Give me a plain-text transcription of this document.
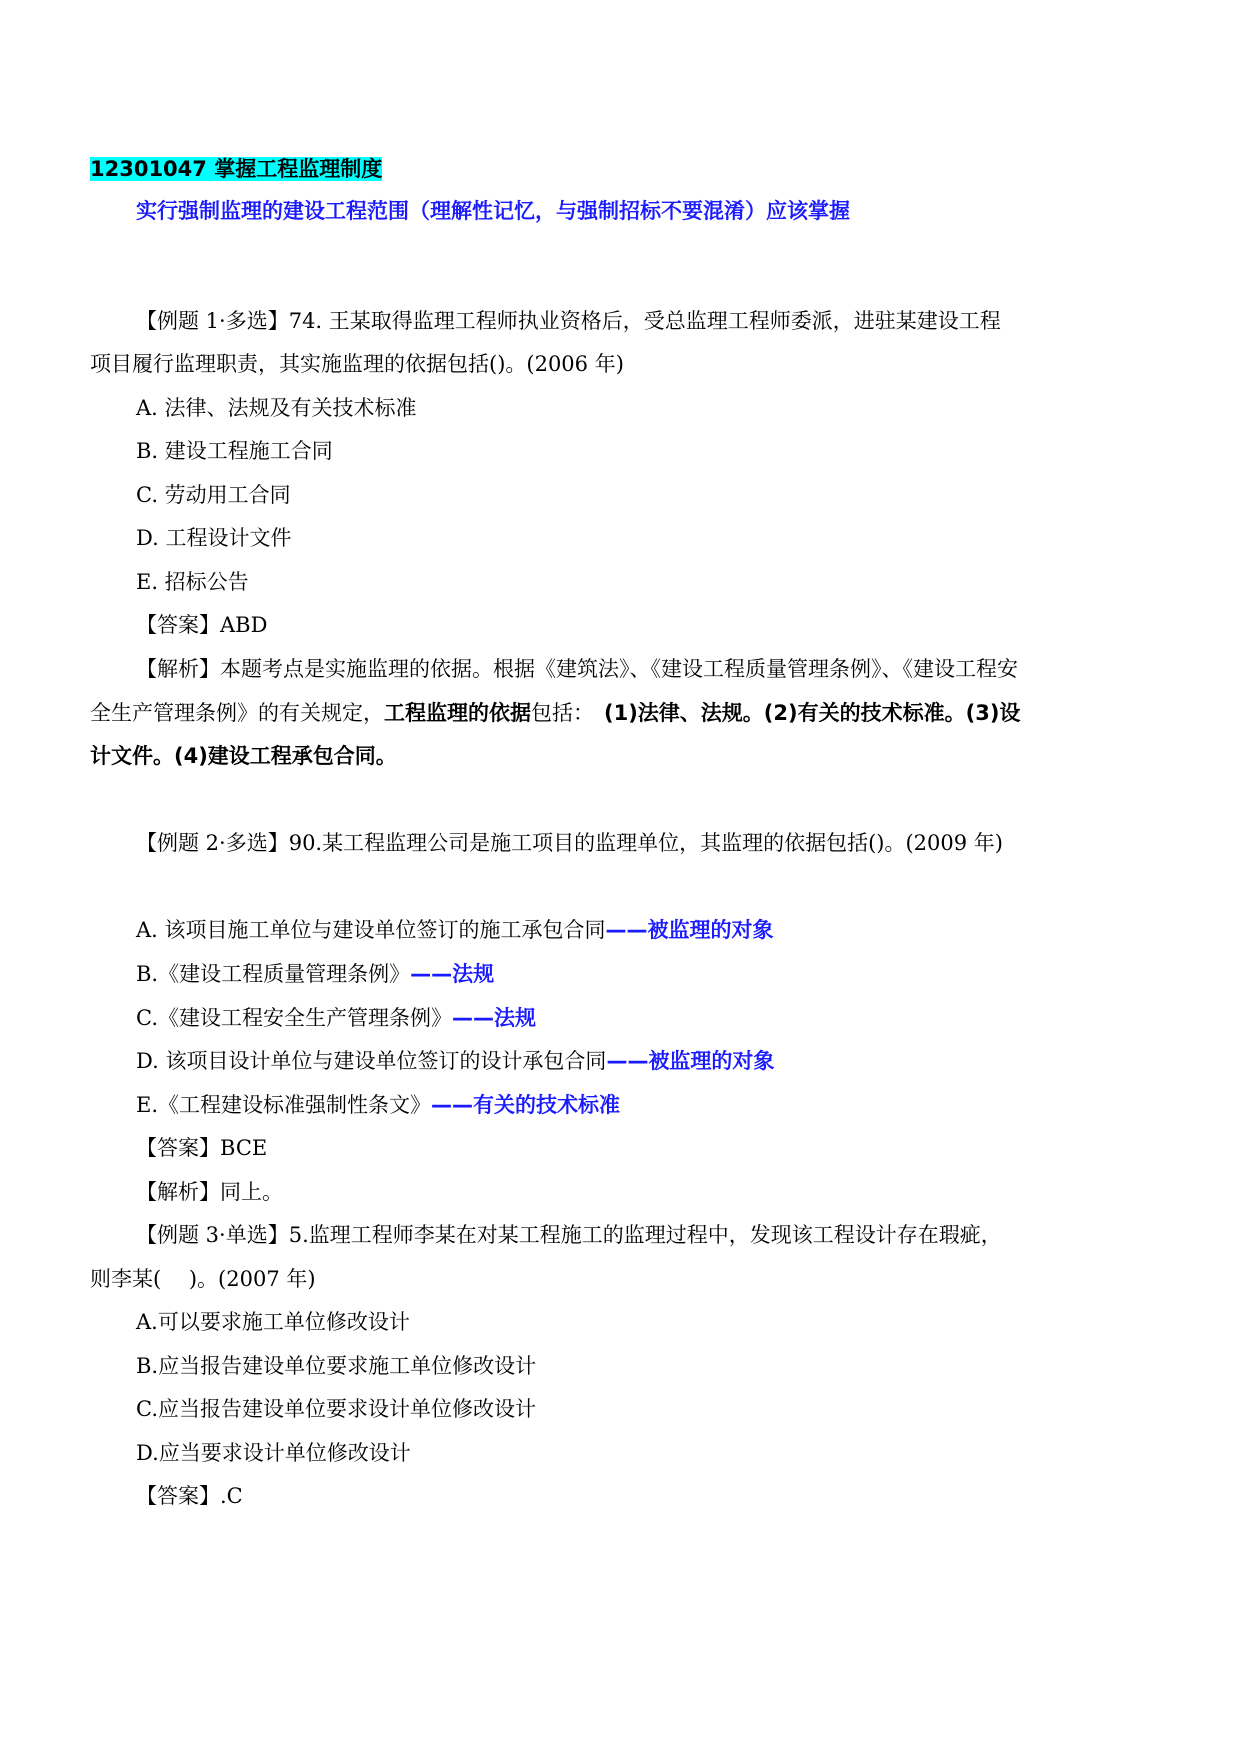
12301047 掌握工程监理制度
实行强制监理的建设工程范围（理解性记忆，与强制招标不要混淆）应该掌握
【例题 1·多选】74. 王某取得监理工程师执业资格后，受总监理工程师委派，进驻某建设工程
项目履行监理职责，其实施监理的依据包括()。(2006 年)
A. 法律、法规及有关技术标准
B. 建设工程施工合同
C. 劳动用工合同
D. 工程设计文件
E. 招标公告
【答案】ABD
【解析】本题考点是实施监理的依据。根据《建筑法》、《建设工程质量管理条例》、《建设工程安
全生产管理条例》的有关规定，工程监理的依据包括： (1)法律、法规。(2)有关的技术标准。(3)设
计文件。(4)建设工程承包合同。
【例题 2·多选】90.某工程监理公司是施工项目的监理单位，其监理的依据包括()。(2009 年)
A. 该项目施工单位与建设单位签订的施工承包合同——被监理的对象
B.《建设工程质量管理条例》——法规
C.《建设工程安全生产管理条例》——法规
D. 该项目设计单位与建设单位签订的设计承包合同——被监理的对象
E.《工程建设标准强制性条文》——有关的技术标准
【答案】BCE
【解析】同上。
【例题 3·单选】5.监理工程师李某在对某工程施工的监理过程中，发现该工程设计存在瑕疵，
则李某(　 )。(2007 年)
A.可以要求施工单位修改设计
B.应当报告建设单位要求施工单位修改设计
C.应当报告建设单位要求设计单位修改设计
D.应当要求设计单位修改设计
【答案】.C
